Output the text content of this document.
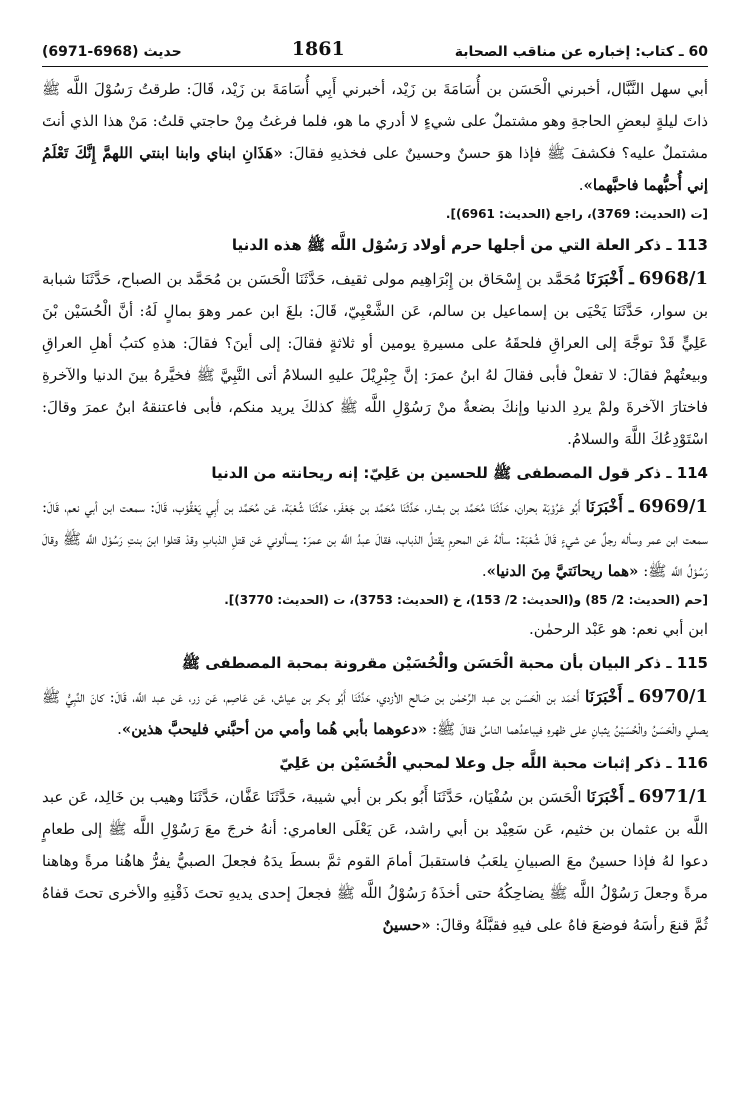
60 ـ كتاب: إخباره عن مناقب الصحابة
1861
حديث (6971-6968)

أبي سهل النَّبَّال، أخبرني الْحَسَن بن أُسَامَةَ بن زَيْد، أخبرني أَبِي أُسَامَةَ بن زَيْد، قَالَ: طرقتُ رَسُوْلَ اللَّه ﷺ ذاتَ ليلةٍ لبعضِ الحاجةِ وهو مشتملٌ على شيءٍ لا أدري ما هو، فلما فرغتُ مِنْ حاجتي قلتُ: مَنْ هذا الذي أنتَ مشتملٌ عليه؟ فكشفَ ﷺ فإذا هوَ حسنٌ وحسينٌ على فخذيهِ فقالَ: «هَذَانِ ابناي وابنا ابنتي اللهمَّ إِنَّكَ تَعْلَمُ إني أُحبُّهما فاحبَّهما».

[ت (الحديث: 3769)، راجع (الحديث: 6961)].

113 ـ ذكر العلة التي من أجلها حرم أولاد رَسُوْل اللَّه ﷺ هذه الدنيا

6968/1 ـ أَخْبَرَنَا مُحَمَّد بن إِسْحَاق بن إِبْرَاهِيم مولى ثقيف، حَدَّثَنَا الْحَسَن بن مُحَمَّد بن الصباح، حَدَّثَنَا شبابة بن سوار، حَدَّثَنَا يَحْيَى بن إسماعيل بن سالم، عَن الشَّعْبِيّ، قَالَ: بلغَ ابن عمر وهوَ بمالٍ لَهُ: أنَّ الْحُسَيْن بْنَ عَلِيٍّ قَدْ توجَّهَ إلى العراقِ فلحقَهُ على مسيرةِ يومين أو ثلاثةٍ فقالَ: إلى أينَ؟ فقالَ: هذهِ كتبُ أهلِ العراقِ وبيعتُهمْ فقالَ: لا تفعلْ فأبى فقالَ لهُ ابنُ عمرَ: إنَّ جِبْرِيْلَ عليهِ السلامُ أتى النَّبِيَّ ﷺ فخيَّرهُ بينَ الدنيا والآخرةِ فاختارَ الآخرةَ ولمْ يردِ الدنيا وإنكَ بضعةٌ منْ رَسُوْلِ اللَّه ﷺ كذلكَ يريد منكم، فأبى فاعتنقهُ ابنُ عمرَ وقالَ: اسْتَوْدِعُكَ اللَّهَ والسلامُ.

114 ـ ذكر قول المصطفى ﷺ للحسين بن عَلِيّ: إنه ريحانته من الدنيا

6969/1 ـ أَخْبَرَنَا أَبُو عَرُوْبَة بحران، حَدَّثَنَا مُحَمَّد بن بشار، حَدَّثَنَا مُحَمَّد بن جَعْفَر، حَدَّثَنَا شُعْبَة، عَن مُحَمَّد بن أَبِي يَعْقُوْب، قَالَ: سمعت ابن أبي نعم، قَالَ: سمعت ابن عمر وسأله رجلٌ عن شيءٍ قَالَ شُعْبَة: سألهُ عَن المحرمِ يقتلُ الذباب، فقالَ عبدُ اللَّه بن عمرَ: يسألوني عَن قتلِ الذبابِ وقدْ قتلوا ابنَ بنتِ رَسُوْل اللَّه ﷺ وقالَ رَسُوْلُ اللَّه ﷺ: «هما ريحانَتيَّ مِنَ الدنيا».

[حم (الحديث: 2/ 85) و(الحديث: 2/ 153)، خ (الحديث: 3753)، ت (الحديث: 3770)].

ابن أبي نعم: هو عَبْد الرحمٰن.

115 ـ ذكر البيان بأن محبة الْحَسَن والْحُسَيْن مقرونة بمحبة المصطفى ﷺ

6970/1 ـ أَخْبَرَنَا أَحْمَد بن الْحَسَن بن عبد الرَّحْمٰن بن صَالح الأزدي، حَدَّثَنَا أَبُو بكر بن عياش، عَن عَاصِم، عَن زر، عَن عبد اللَّه، قَالَ: كانَ النَّبِيُّ ﷺ يصلي والْحَسَنُ والْحُسَيْنُ يثبانِ على ظهرهِ فيباعدُهما الناسُ فقالَ ﷺ: «دعوهما بأبي هُما وأمي من أحبَّني فليحبَّ هذين».

116 ـ ذكر إثبات محبة اللَّه جل وعلا لمحبي الْحُسَيْن بن عَلِيّ

6971/1 ـ أَخْبَرَنَا الْحَسَن بن سُفْيَان، حَدَّثَنَا أَبُو بكر بن أبي شيبة، حَدَّثَنَا عَفَّان، حَدَّثَنَا وهيب بن خَالِد، عَن عبد اللَّه بن عثمان بن خثيم، عَن سَعِيْد بن أبي راشد، عَن يَعْلَى العامري: أنهُ خرجَ معَ رَسُوْلِ اللَّه ﷺ إلى طعامٍ دعوا لهُ فإذا حسينٌ معَ الصبيانِ يلعَبُ فاستقبلَ أمامَ القوم ثمَّ بسطَ يدَهُ فجعلَ الصبيُّ يفرُّ هاهُنا مرةً وهاهنا مرةً وجعلَ رَسُوْلُ اللَّه ﷺ يضاحِكُهُ حتى أخذَهُ رَسُوْلُ اللَّه ﷺ فجعلَ إحدى يديهِ تحتَ ذَقْنِهِ والأخرى تحتَ قفاهُ ثُمَّ قنعَ رأسَهُ فوضعَ فاهُ على فيهِ فقبَّلَهُ وقالَ: «حسينٌ
